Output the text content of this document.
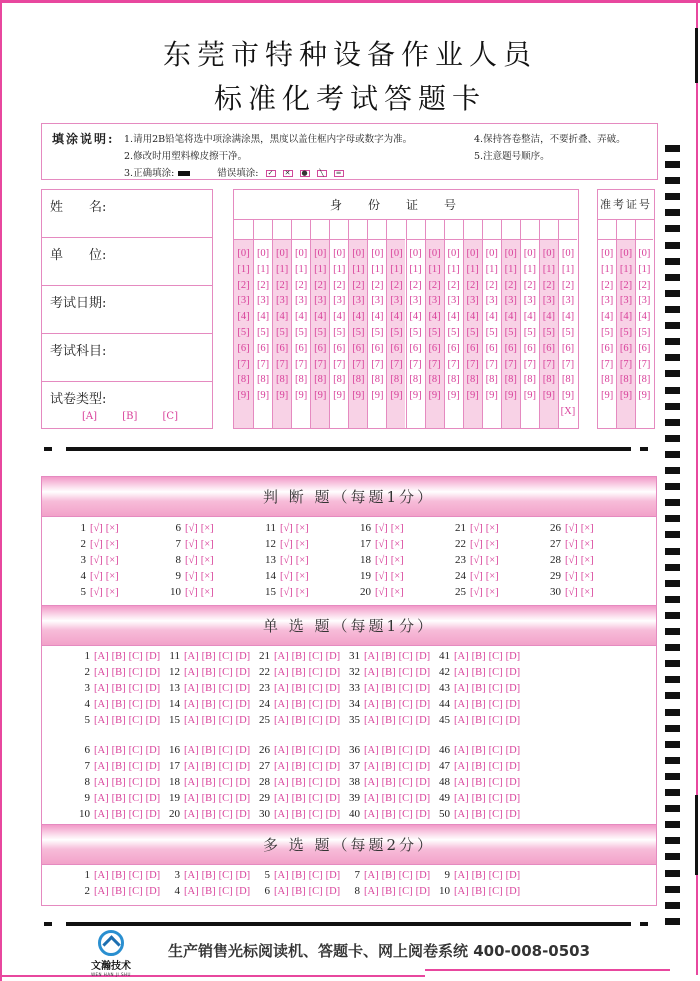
东莞市特种设备作业人员
标准化考试答题卡
填涂说明: 1.请用2B铅笔将选中项涂满涂黑，黑度以盖住框内字母或数字为准。
2.修改时用塑料橡皮擦干净。
3.正确填涂:	错误填涂: ✓ ✕ ● ╲ ═
4.保持答卷整洁，不要折叠、弄破。
5.注意题号顺序。
姓　　名:
单　　位:
考试日期:
考试科目:
试卷类型:
[A] [B] [C]
身份证号
[0]
[1]
[2]
[3]
[4]
[5]
[6]
[7]
[8]
[9]
[0]
[1]
[2]
[3]
[4]
[5]
[6]
[7]
[8]
[9]
[0]
[1]
[2]
[3]
[4]
[5]
[6]
[7]
[8]
[9]
[0]
[1]
[2]
[3]
[4]
[5]
[6]
[7]
[8]
[9]
[0]
[1]
[2]
[3]
[4]
[5]
[6]
[7]
[8]
[9]
[0]
[1]
[2]
[3]
[4]
[5]
[6]
[7]
[8]
[9]
[0]
[1]
[2]
[3]
[4]
[5]
[6]
[7]
[8]
[9]
[0]
[1]
[2]
[3]
[4]
[5]
[6]
[7]
[8]
[9]
[0]
[1]
[2]
[3]
[4]
[5]
[6]
[7]
[8]
[9]
[0]
[1]
[2]
[3]
[4]
[5]
[6]
[7]
[8]
[9]
[0]
[1]
[2]
[3]
[4]
[5]
[6]
[7]
[8]
[9]
[0]
[1]
[2]
[3]
[4]
[5]
[6]
[7]
[8]
[9]
[0]
[1]
[2]
[3]
[4]
[5]
[6]
[7]
[8]
[9]
[0]
[1]
[2]
[3]
[4]
[5]
[6]
[7]
[8]
[9]
[0]
[1]
[2]
[3]
[4]
[5]
[6]
[7]
[8]
[9]
[0]
[1]
[2]
[3]
[4]
[5]
[6]
[7]
[8]
[9]
[0]
[1]
[2]
[3]
[4]
[5]
[6]
[7]
[8]
[9]
[0]
[1]
[2]
[3]
[4]
[5]
[6]
[7]
[8]
[9]
[X]
准考证号
[0]
[1]
[2]
[3]
[4]
[5]
[6]
[7]
[8]
[9]
[0]
[1]
[2]
[3]
[4]
[5]
[6]
[7]
[8]
[9]
[0]
[1]
[2]
[3]
[4]
[5]
[6]
[7]
[8]
[9]
判 断 题（每题1分）
1 [√] [×]
2 [√] [×]
3 [√] [×]
4 [√] [×]
5 [√] [×]
6 [√] [×]
7 [√] [×]
8 [√] [×]
9 [√] [×]
10 [√] [×]
11 [√] [×]
12 [√] [×]
13 [√] [×]
14 [√] [×]
15 [√] [×]
16 [√] [×]
17 [√] [×]
18 [√] [×]
19 [√] [×]
20 [√] [×]
21 [√] [×]
22 [√] [×]
23 [√] [×]
24 [√] [×]
25 [√] [×]
26 [√] [×]
27 [√] [×]
28 [√] [×]
29 [√] [×]
30 [√] [×]
单 选 题（每题1分）
1 [A] [B] [C] [D]
2 [A] [B] [C] [D]
3 [A] [B] [C] [D]
4 [A] [B] [C] [D]
5 [A] [B] [C] [D]
6 [A] [B] [C] [D]
7 [A] [B] [C] [D]
8 [A] [B] [C] [D]
9 [A] [B] [C] [D]
10 [A] [B] [C] [D]
11 [A] [B] [C] [D]
12 [A] [B] [C] [D]
13 [A] [B] [C] [D]
14 [A] [B] [C] [D]
15 [A] [B] [C] [D]
16 [A] [B] [C] [D]
17 [A] [B] [C] [D]
18 [A] [B] [C] [D]
19 [A] [B] [C] [D]
20 [A] [B] [C] [D]
21 [A] [B] [C] [D]
22 [A] [B] [C] [D]
23 [A] [B] [C] [D]
24 [A] [B] [C] [D]
25 [A] [B] [C] [D]
26 [A] [B] [C] [D]
27 [A] [B] [C] [D]
28 [A] [B] [C] [D]
29 [A] [B] [C] [D]
30 [A] [B] [C] [D]
31 [A] [B] [C] [D]
32 [A] [B] [C] [D]
33 [A] [B] [C] [D]
34 [A] [B] [C] [D]
35 [A] [B] [C] [D]
36 [A] [B] [C] [D]
37 [A] [B] [C] [D]
38 [A] [B] [C] [D]
39 [A] [B] [C] [D]
40 [A] [B] [C] [D]
41 [A] [B] [C] [D]
42 [A] [B] [C] [D]
43 [A] [B] [C] [D]
44 [A] [B] [C] [D]
45 [A] [B] [C] [D]
46 [A] [B] [C] [D]
47 [A] [B] [C] [D]
48 [A] [B] [C] [D]
49 [A] [B] [C] [D]
50 [A] [B] [C] [D]
多 选 题（每题2分）
1 [A] [B] [C] [D]
2 [A] [B] [C] [D]
3 [A] [B] [C] [D]
4 [A] [B] [C] [D]
5 [A] [B] [C] [D]
6 [A] [B] [C] [D]
7 [A] [B] [C] [D]
8 [A] [B] [C] [D]
9 [A] [B] [C] [D]
10 [A] [B] [C] [D]
文瀚技术
WEN HAN JI SHU
生产销售光标阅读机、答题卡、网上阅卷系统 400-008-0503
